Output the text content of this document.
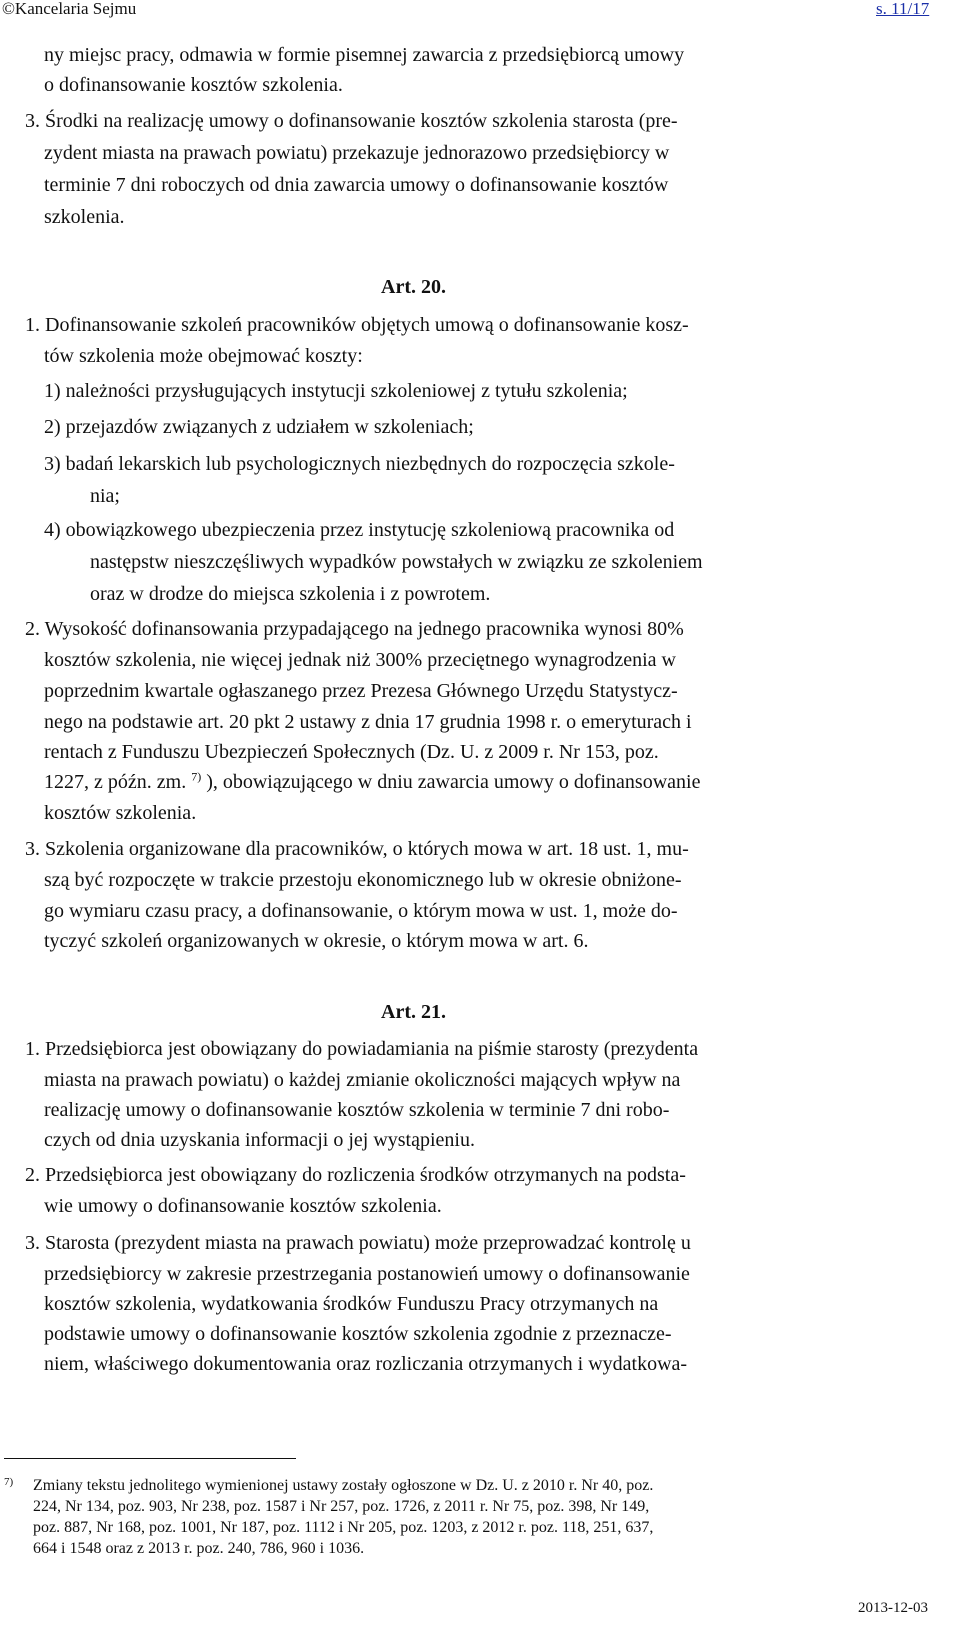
©Kancelaria Sejmu	s. 11/17
ny miejsc pracy, odmawia w formie pisemnej zawarcia z przedsiębiorcą umowy
o dofinansowanie kosztów szkolenia.
3. Środki na realizację umowy o dofinansowanie kosztów szkolenia starosta (pre-
zydent miasta na prawach powiatu) przekazuje jednorazowo przedsiębiorcy w
terminie 7 dni roboczych od dnia zawarcia umowy o dofinansowanie kosztów
szkolenia.
Art. 20.
1. Dofinansowanie szkoleń pracowników objętych umową o dofinansowanie kosz-
tów szkolenia może obejmować koszty:
1) należności przysługujących instytucji szkoleniowej z tytułu szkolenia;
2) przejazdów związanych z udziałem w szkoleniach;
3) badań lekarskich lub psychologicznych niezbędnych do rozpoczęcia szkole-
nia;
4) obowiązkowego ubezpieczenia przez instytucję szkoleniową pracownika od
następstw nieszczęśliwych wypadków powstałych w związku ze szkoleniem
oraz w drodze do miejsca szkolenia i z powrotem.
2. Wysokość dofinansowania przypadającego na jednego pracownika wynosi 80%
kosztów szkolenia, nie więcej jednak niż 300% przeciętnego wynagrodzenia w
poprzednim kwartale ogłaszanego przez Prezesa Głównego Urzędu Statystycz-
nego na podstawie art. 20 pkt 2 ustawy z dnia 17 grudnia 1998 r. o emeryturach i
rentach z Funduszu Ubezpieczeń Społecznych (Dz. U. z 2009 r. Nr 153, poz.
1227, z późn. zm. $^{7)}$ ), obowiązującego w dniu zawarcia umowy o dofinansowanie
kosztów szkolenia.
3. Szkolenia organizowane dla pracowników, o których mowa w art. 18 ust. 1, mu-
szą być rozpoczęte w trakcie przestoju ekonomicznego lub w okresie obniżone-
go wymiaru czasu pracy, a dofinansowanie, o którym mowa w ust. 1, może do-
tyczyć szkoleń organizowanych w okresie, o którym mowa w art. 6.
Art. 21.
1. Przedsiębiorca jest obowiązany do powiadamiania na piśmie starosty (prezydenta
miasta na prawach powiatu) o każdej zmianie okoliczności mających wpływ na
realizację umowy o dofinansowanie kosztów szkolenia w terminie 7 dni robo-
czych od dnia uzyskania informacji o jej wystąpieniu.
2. Przedsiębiorca jest obowiązany do rozliczenia środków otrzymanych na podsta-
wie umowy o dofinansowanie kosztów szkolenia.
3. Starosta (prezydent miasta na prawach powiatu) może przeprowadzać kontrolę u
przedsiębiorcy w zakresie przestrzegania postanowień umowy o dofinansowanie
kosztów szkolenia, wydatkowania środków Funduszu Pracy otrzymanych na
podstawie umowy o dofinansowanie kosztów szkolenia zgodnie z przeznacze-
niem, właściwego dokumentowania oraz rozliczania otrzymanych i wydatkowa-
7) Zmiany tekstu jednolitego wymienionej ustawy zostały ogłoszone w Dz. U. z 2010 r. Nr 40, poz.
224, Nr 134, poz. 903, Nr 238, poz. 1587 i Nr 257, poz. 1726, z 2011 r. Nr 75, poz. 398, Nr 149,
poz. 887, Nr 168, poz. 1001, Nr 187, poz. 1112 i Nr 205, poz. 1203, z 2012 r. poz. 118, 251, 637,
664 i 1548 oraz z 2013 r. poz. 240, 786, 960 i 1036.
2013-12-03
